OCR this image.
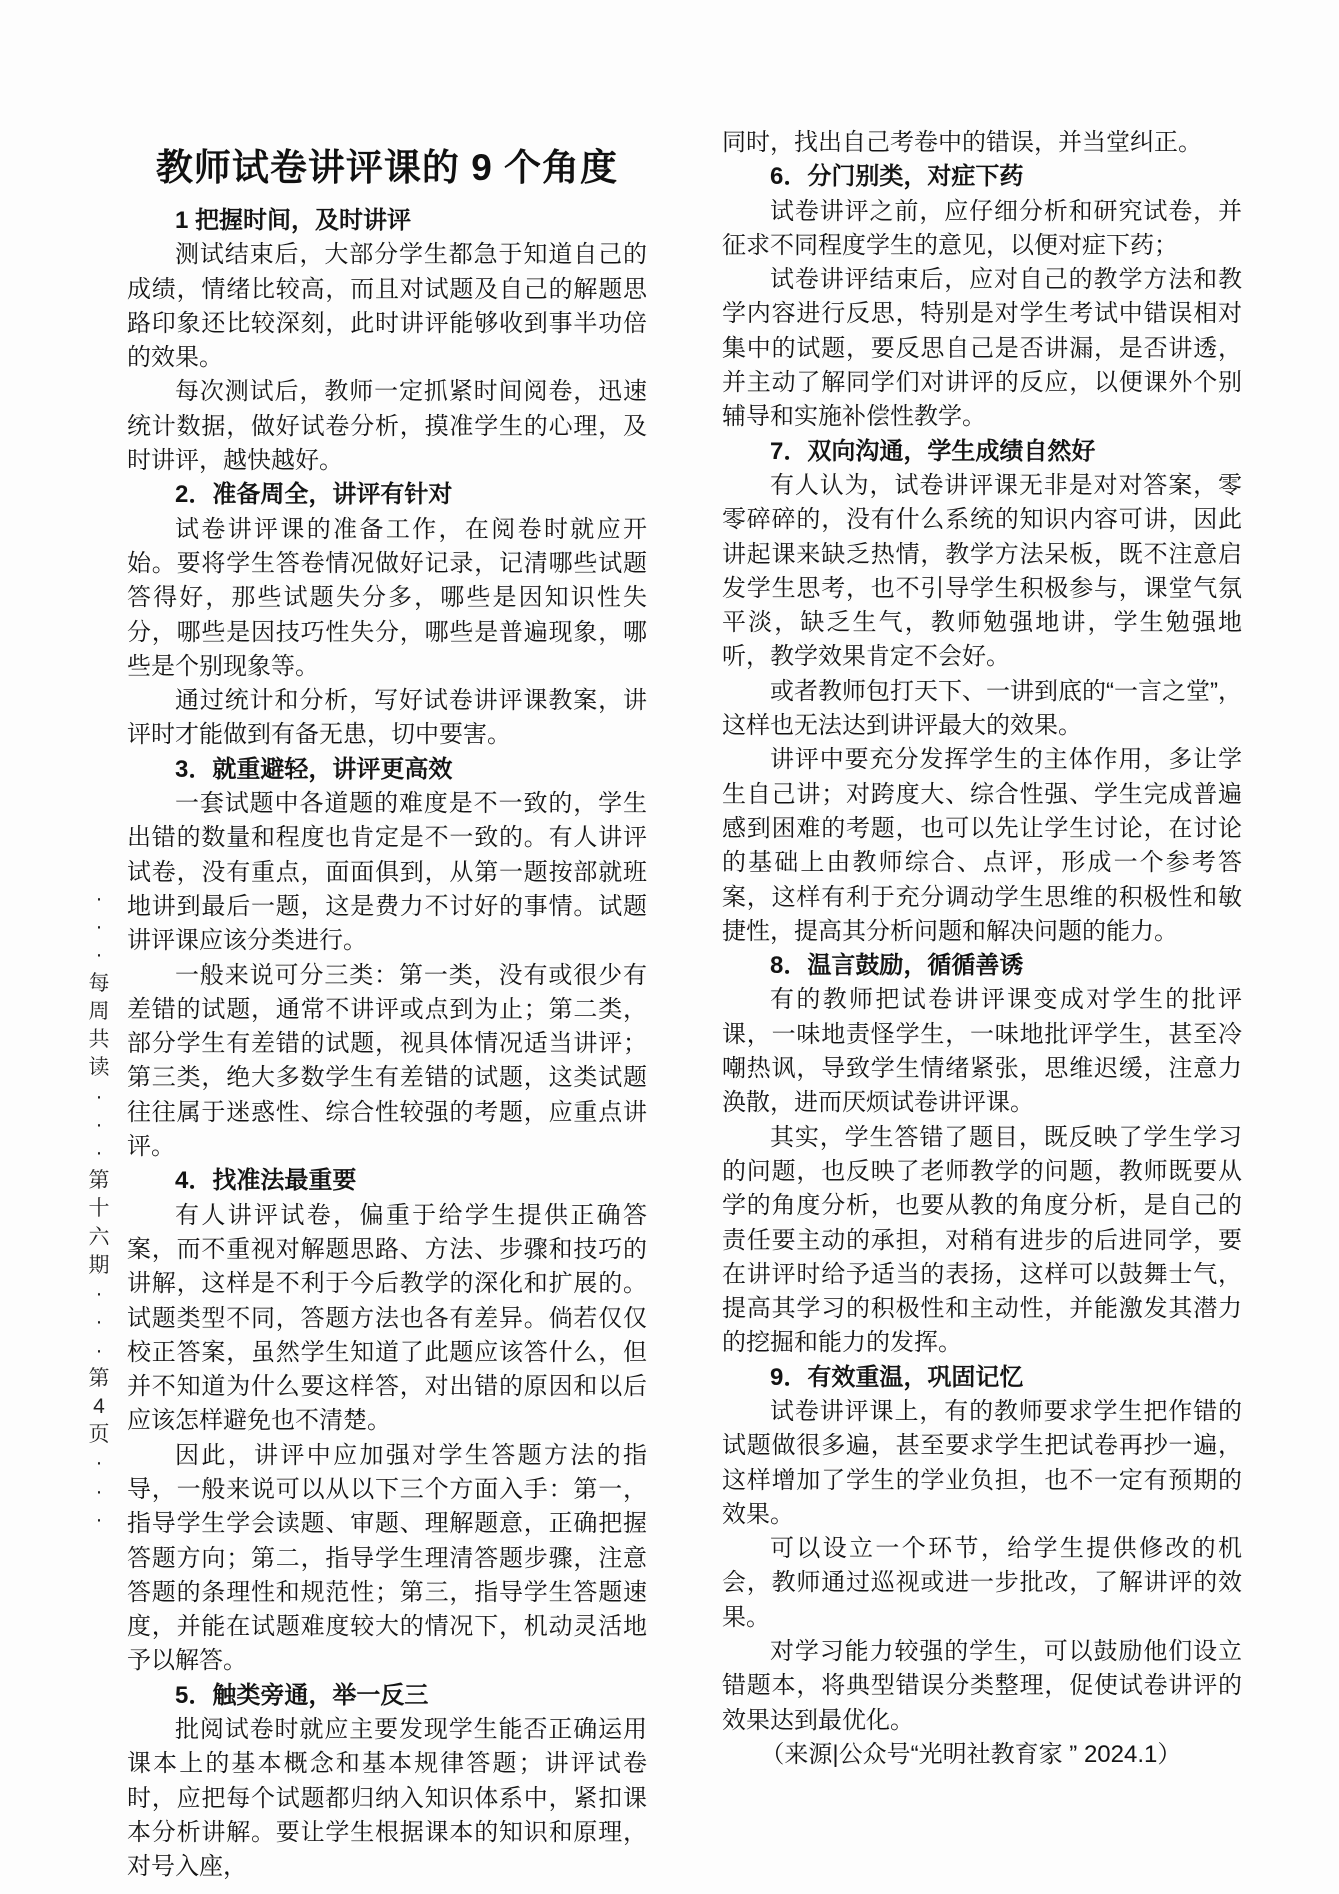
教师试卷讲评课的 9 个角度
·
·
·
每
周
共
读
·
·
·
第
十
六
期
·
·
·
第
4
页
·
·
·

1 把握时间，及时讲评

测试结束后，大部分学生都急于知道自己的成绩，情绪比较高，而且对试题及自己的解题思路印象还比较深刻，此时讲评能够收到事半功倍的效果。

每次测试后，教师一定抓紧时间阅卷，迅速统计数据，做好试卷分析，摸准学生的心理，及时讲评，越快越好。

2．准备周全，讲评有针对

试卷讲评课的准备工作，在阅卷时就应开始。要将学生答卷情况做好记录，记清哪些试题答得好，那些试题失分多，哪些是因知识性失分，哪些是因技巧性失分，哪些是普遍现象，哪些是个别现象等。

通过统计和分析，写好试卷讲评课教案，讲评时才能做到有备无患，切中要害。

3．就重避轻，讲评更高效

一套试题中各道题的难度是不一致的，学生出错的数量和程度也肯定是不一致的。有人讲评试卷，没有重点，面面俱到，从第一题按部就班地讲到最后一题，这是费力不讨好的事情。试题讲评课应该分类进行。

一般来说可分三类：第一类，没有或很少有差错的试题，通常不讲评或点到为止；第二类，部分学生有差错的试题，视具体情况适当讲评；第三类，绝大多数学生有差错的试题，这类试题往往属于迷惑性、综合性较强的考题，应重点讲评。

4．找准法最重要

有人讲评试卷，偏重于给学生提供正确答案，而不重视对解题思路、方法、步骤和技巧的讲解，这样是不利于今后教学的深化和扩展的。试题类型不同，答题方法也各有差异。倘若仅仅校正答案，虽然学生知道了此题应该答什么，但并不知道为什么要这样答，对出错的原因和以后应该怎样避免也不清楚。

因此，讲评中应加强对学生答题方法的指导，一般来说可以从以下三个方面入手：第一，指导学生学会读题、审题、理解题意，正确把握答题方向；第二，指导学生理清答题步骤，注意答题的条理性和规范性；第三，指导学生答题速度，并能在试题难度较大的情况下，机动灵活地予以解答。

5．触类旁通，举一反三

批阅试卷时就应主要发现学生能否正确运用课本上的基本概念和基本规律答题；讲评试卷时，应把每个试题都归纳入知识体系中，紧扣课本分析讲解。要让学生根据课本的知识和原理，对号入座，

同时，找出自己考卷中的错误，并当堂纠正。

6．分门别类，对症下药

试卷讲评之前，应仔细分析和研究试卷，并征求不同程度学生的意见，以便对症下药；

试卷讲评结束后，应对自己的教学方法和教学内容进行反思，特别是对学生考试中错误相对集中的试题，要反思自己是否讲漏，是否讲透，并主动了解同学们对讲评的反应，以便课外个别辅导和实施补偿性教学。

7．双向沟通，学生成绩自然好

有人认为，试卷讲评课无非是对对答案，零零碎碎的，没有什么系统的知识内容可讲，因此讲起课来缺乏热情，教学方法呆板，既不注意启发学生思考，也不引导学生积极参与，课堂气氛平淡，缺乏生气，教师勉强地讲，学生勉强地听，教学效果肯定不会好。

或者教师包打天下、一讲到底的“一言之堂”，这样也无法达到讲评最大的效果。

讲评中要充分发挥学生的主体作用，多让学生自己讲；对跨度大、综合性强、学生完成普遍感到困难的考题，也可以先让学生讨论，在讨论的基础上由教师综合、点评，形成一个参考答案，这样有利于充分调动学生思维的积极性和敏捷性，提高其分析问题和解决问题的能力。

8．温言鼓励，循循善诱

有的教师把试卷讲评课变成对学生的批评课，一味地责怪学生，一味地批评学生，甚至冷嘲热讽，导致学生情绪紧张，思维迟缓，注意力涣散，进而厌烦试卷讲评课。

其实，学生答错了题目，既反映了学生学习的问题，也反映了老师教学的问题，教师既要从学的角度分析，也要从教的角度分析，是自己的责任要主动的承担，对稍有进步的后进同学，要在讲评时给予适当的表扬，这样可以鼓舞士气，提高其学习的积极性和主动性，并能激发其潜力的挖掘和能力的发挥。

9．有效重温，巩固记忆

试卷讲评课上，有的教师要求学生把作错的试题做很多遍，甚至要求学生把试卷再抄一遍，这样增加了学生的学业负担，也不一定有预期的效果。

可以设立一个环节，给学生提供修改的机会，教师通过巡视或进一步批改，了解讲评的效果。

对学习能力较强的学生，可以鼓励他们设立错题本，将典型错误分类整理，促使试卷讲评的效果达到最优化。

（来源|公众号“光明社教育家 ” 2024.1）
